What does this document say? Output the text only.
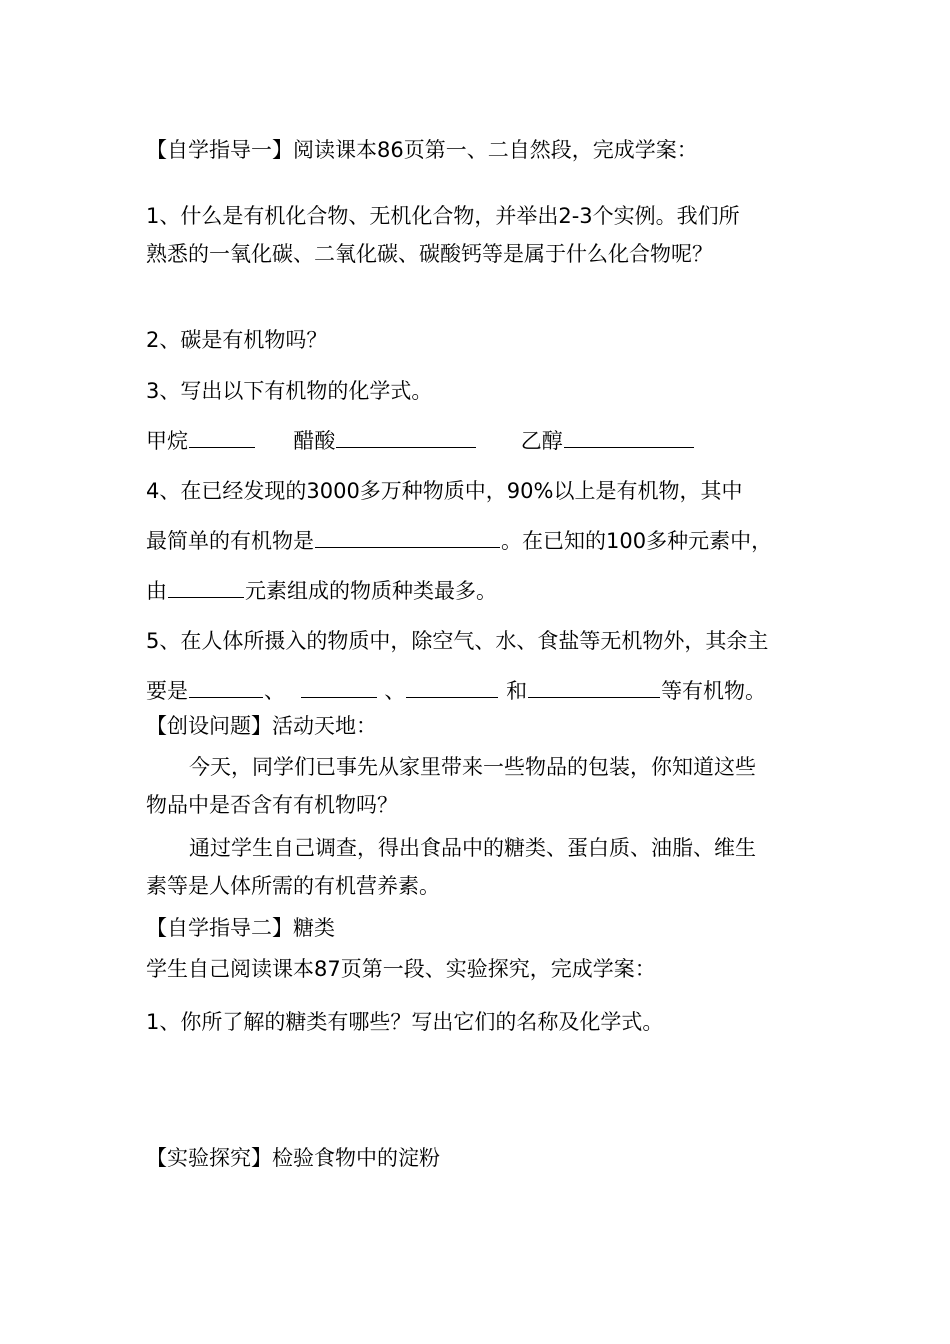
【自学指导一】阅读课本86页第一、二自然段，完成学案：
1、什么是有机化合物、无机化合物，并举出2-3个实例。我们所
熟悉的一氧化碳、二氧化碳、碳酸钙等是属于什么化合物呢？
2、碳是有机物吗？
3、写出以下有机物的化学式。
甲烷	醋酸	乙醇
4、在已经发现的3000多万种物质中，90%以上是有机物，其中
最简单的有机物是	。在已知的100多种元素中，
由	元素组成的物质种类最多。
5、在人体所摄入的物质中，除空气、水、食盐等无机物外，其余主
要是	、	、	和	等有机物。
【创设问题】活动天地：
今天，同学们已事先从家里带来一些物品的包装，你知道这些
物品中是否含有有机物吗？
通过学生自己调查，得出食品中的糖类、蛋白质、油脂、维生
素等是人体所需的有机营养素。
【自学指导二】糖类
学生自己阅读课本87页第一段、实验探究，完成学案：
1、你所了解的糖类有哪些？写出它们的名称及化学式。
【实验探究】检验食物中的淀粉
